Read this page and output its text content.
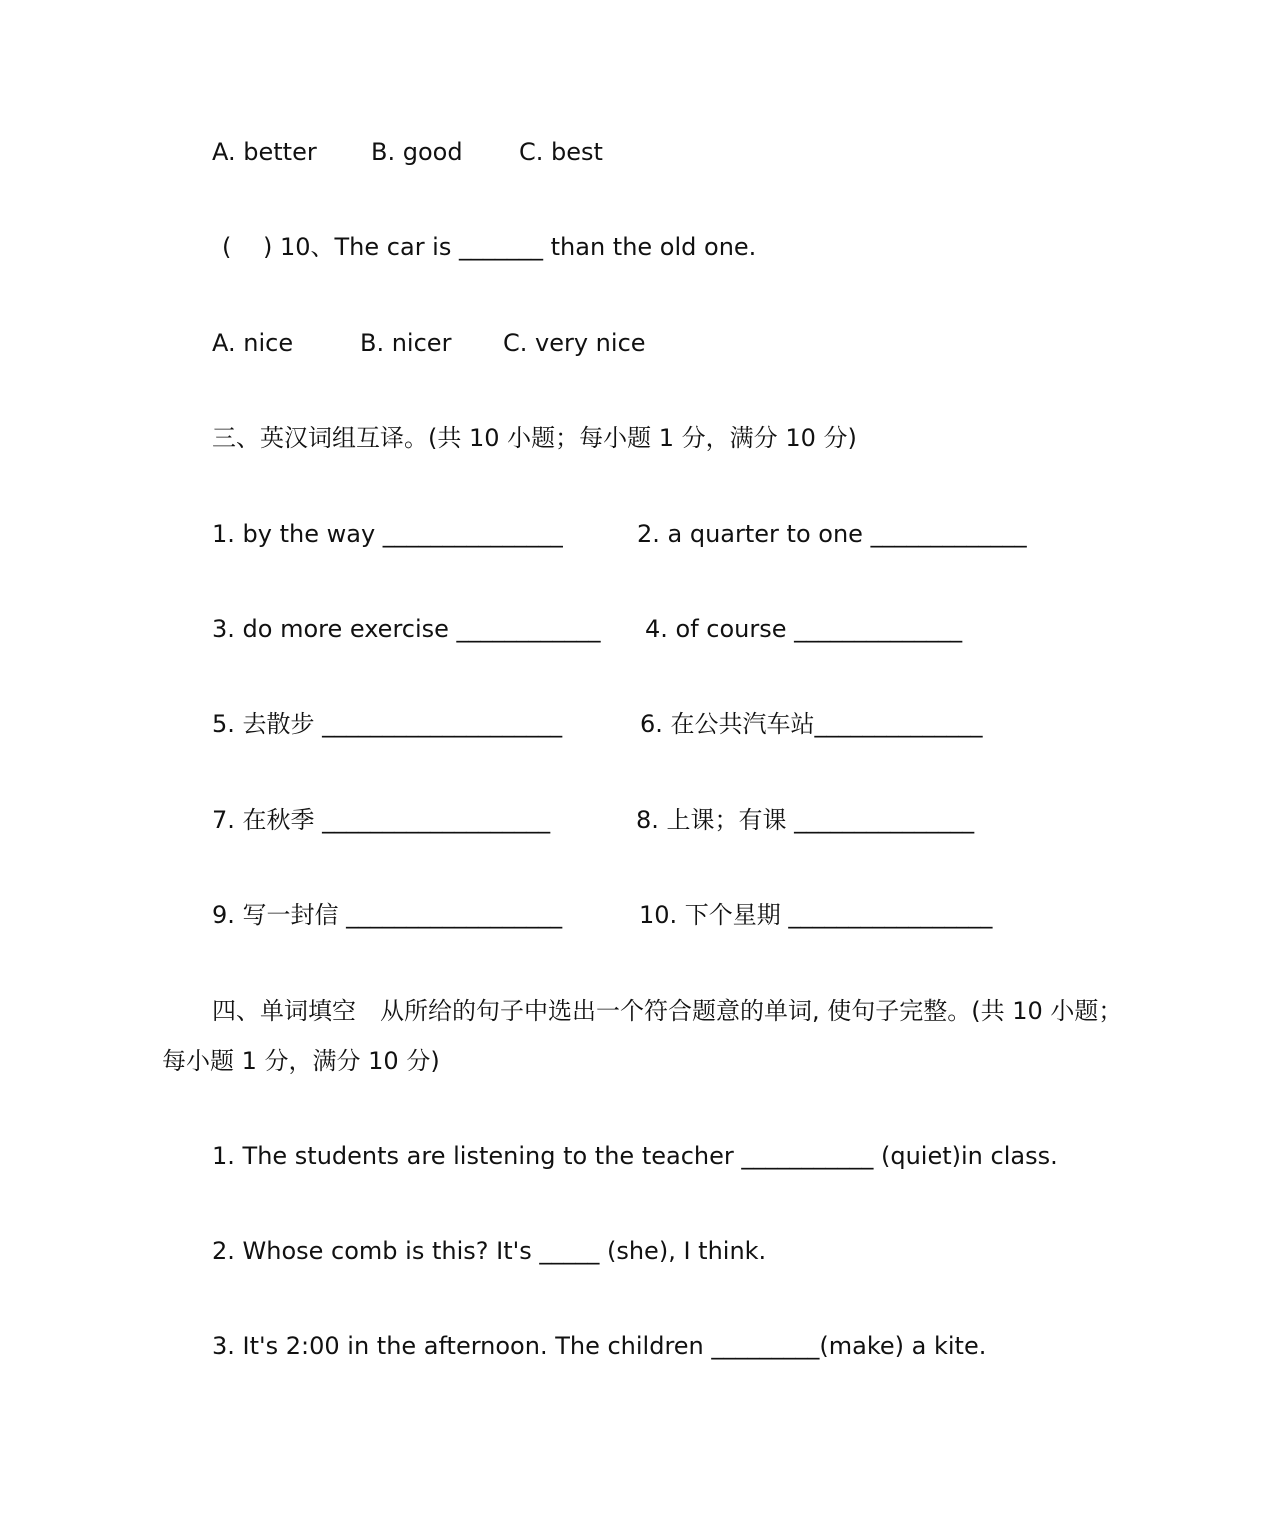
A. better B. good C. best
(　 ) 10、The car is _______ than the old one.
A. nice	B. nicer C. very nice
三、英汉词组互译。(共 10 小题；每小题 1 分，满分 10 分)
1. by the way _______________	2. a quarter to one _____________
3. do more exercise ____________ 4. of course ______________
5. 去散步 ____________________	6. 在公共汽车站______________
7. 在秋季 ___________________	8. 上课；有课 _______________
9. 写一封信 __________________	10. 下个星期 _________________
四、单词填空　从所给的句子中选出一个符合题意的单词, 使句子完整。(共 10 小题；
每小题 1 分，满分 10 分)
1. The students are listening to the teacher ___________ (quiet)in class.
2. Whose comb is this? It's _____ (she), I think.
3. It's 2:00 in the afternoon. The children _________(make) a kite.
